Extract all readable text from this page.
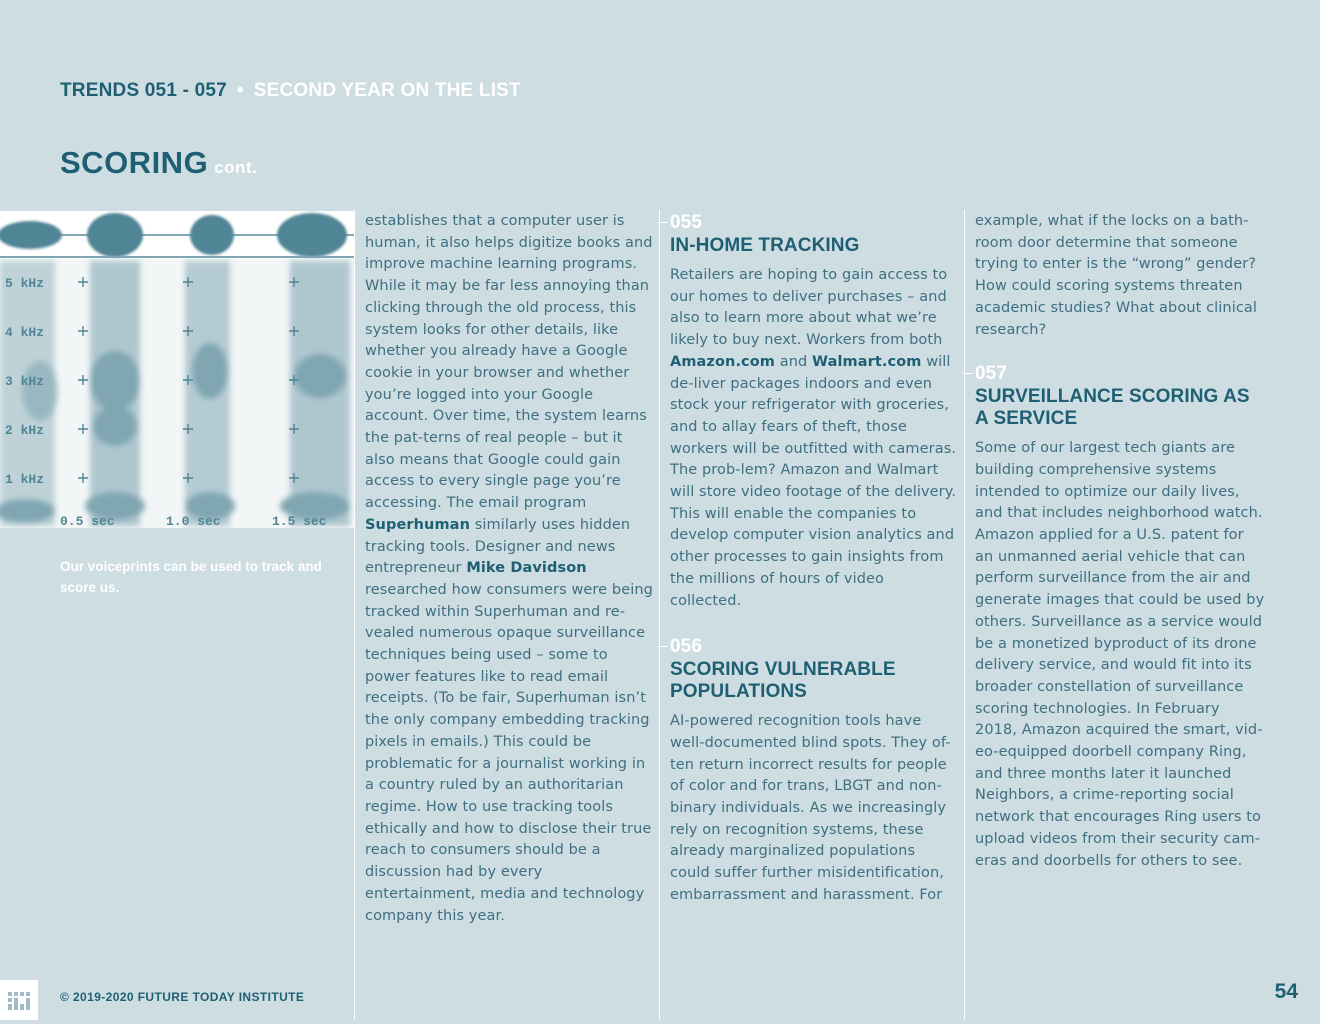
TRENDS 051 - 057 • SECOND YEAR ON THE LIST
SCORING cont.
5 kHz
4 kHz
3 kHz
2 kHz
1 kHz
0.5 sec	1.0 sec	1.5 sec
Our voiceprints can be used to track and score us.

establishes that a computer user is human, it also helps digitize books and improve machine learning programs. While it may be far less annoying than clicking through the old process, this system looks for other details, like whether you already have a Google cookie in your browser and whether you’re logged into your Google account. Over time, the system learns the pat-terns of real people – but it also means that Google could gain access to every single page you’re accessing. The email program Superhuman similarly uses hidden tracking tools. Designer and news entrepreneur Mike Davidson researched how consumers were being tracked within Superhuman and re-vealed numerous opaque surveillance techniques being used – some to power features like to read email receipts. (To be fair, Superhuman isn’t the only company embedding tracking pixels in emails.) This could be problematic for a journalist working in a country ruled by an authoritarian regime. How to use tracking tools ethically and how to disclose their true reach to consumers should be a discussion had by every entertainment, media and technology company this year.

055
IN-HOME TRACKING

Retailers are hoping to gain access to our homes to deliver purchases – and also to learn more about what we’re likely to buy next. Workers from both Amazon.com and Walmart.com will de-liver packages indoors and even stock your refrigerator with groceries, and to allay fears of theft, those workers will be outfitted with cameras. The prob-lem? Amazon and Walmart will store video footage of the delivery. This will enable the companies to develop computer vision analytics and other processes to gain insights from the millions of hours of video collected.

056
SCORING VULNERABLE POPULATIONS

AI-powered recognition tools have well-documented blind spots. They of-ten return incorrect results for people of color and for trans, LBGT and non-binary individuals. As we increasingly rely on recognition systems, these already marginalized populations could suffer further misidentification, embarrassment and harassment. For

example, what if the locks on a bath-room door determine that someone trying to enter is the “wrong” gender? How could scoring systems threaten academic studies? What about clinical research?

057
SURVEILLANCE SCORING AS A SERVICE

Some of our largest tech giants are building comprehensive systems intended to optimize our daily lives, and that includes neighborhood watch. Amazon applied for a U.S. patent for an unmanned aerial vehicle that can perform surveillance from the air and generate images that could be used by others. Surveillance as a service would be a monetized byproduct of its drone delivery service, and would fit into its broader constellation of surveillance scoring technologies. In February 2018, Amazon acquired the smart, vid-eo-equipped doorbell company Ring, and three months later it launched Neighbors, a crime-reporting social network that encourages Ring users to upload videos from their security cam-eras and doorbells for others to see.

© 2019-2020 FUTURE TODAY INSTITUTE	54
